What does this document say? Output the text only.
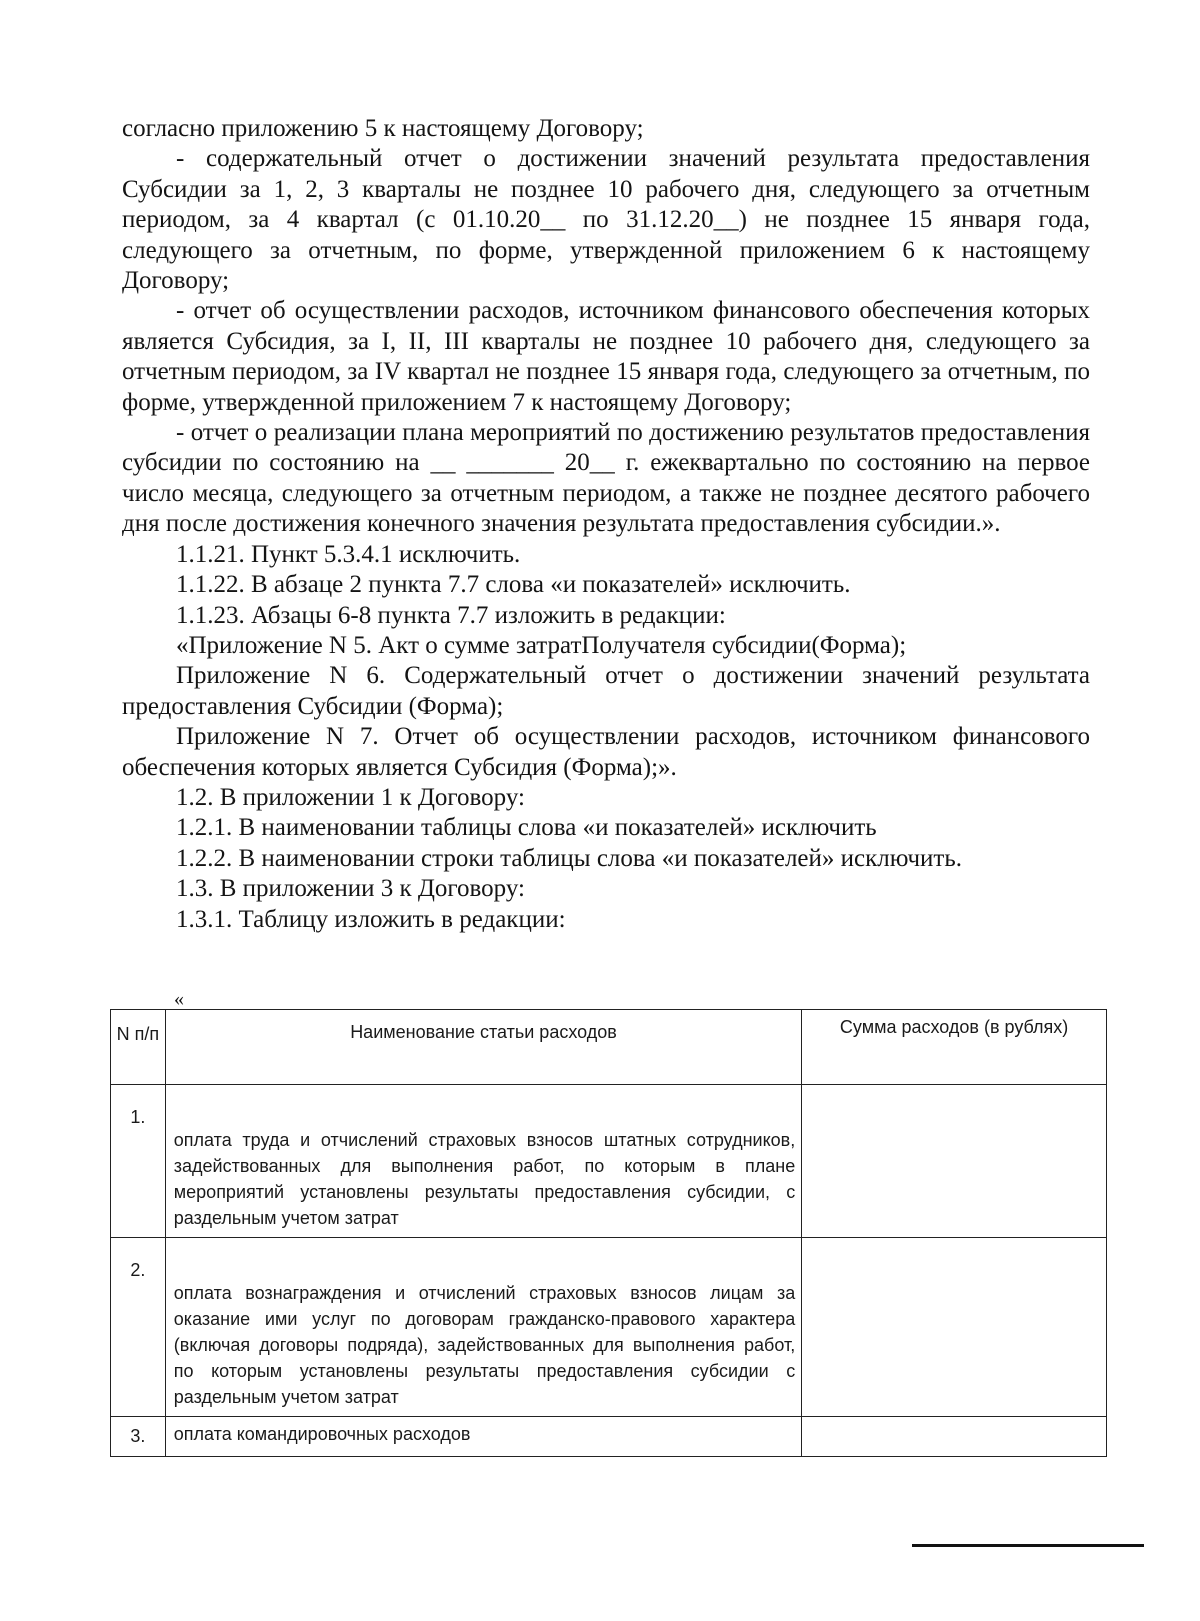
согласно приложению 5 к настоящему Договору;

- содержательный отчет о достижении значений результата предоставления Субсидии за 1, 2, 3 кварталы не позднее 10 рабочего дня, следующего за отчетным периодом, за 4 квартал (с 01.10.20__ по 31.12.20__) не позднее 15 января года, следующего за отчетным, по форме, утвержденной приложением 6 к настоящему Договору;

- отчет об осуществлении расходов, источником финансового обеспечения которых является Субсидия, за I, II, III кварталы не позднее 10 рабочего дня, следующего за отчетным периодом, за IV квартал не позднее 15 января года, следующего за отчетным, по форме, утвержденной приложением 7 к настоящему Договору;

- отчет о реализации плана мероприятий по достижению результатов предоставления субсидии по состоянию на __ _______ 20__ г. ежеквартально по состоянию на первое число месяца, следующего за отчетным периодом, а также не позднее десятого рабочего дня после достижения конечного значения результата предоставления субсидии.».

1.1.21. Пункт 5.3.4.1 исключить.

1.1.22. В абзаце 2 пункта 7.7 слова «и показателей» исключить.

1.1.23. Абзацы 6-8 пункта 7.7 изложить в редакции:

«Приложение N 5. Акт о сумме затратПолучателя субсидии(Форма);

Приложение N 6. Содержательный отчет о достижении значений результата предоставления Субсидии (Форма);

Приложение N 7. Отчет об осуществлении расходов, источником финансового обеспечения которых является Субсидия (Форма);».

1.2. В приложении 1 к Договору:

1.2.1. В наименовании таблицы слова «и показателей» исключить

1.2.2. В наименовании строки таблицы слова «и показателей» исключить.

1.3. В приложении 3 к Договору:

1.3.1. Таблицу изложить в редакции:

«
N п/п	Наименование статьи расходов	Сумма расходов (в рублях)
1.	оплата труда и отчислений страховых взносов штатных сотрудников, задействованных для выполнения работ, по которым в плане мероприятий установлены результаты предоставления субсидии, с раздельным учетом затрат	
2.	оплата вознаграждения и отчислений страховых взносов лицам за оказание ими услуг по договорам гражданско-правового характера (включая договоры подряда), задействованных для выполнения работ, по которым установлены результаты предоставления субсидии с раздельным учетом затрат	
3.	оплата командировочных расходов	
